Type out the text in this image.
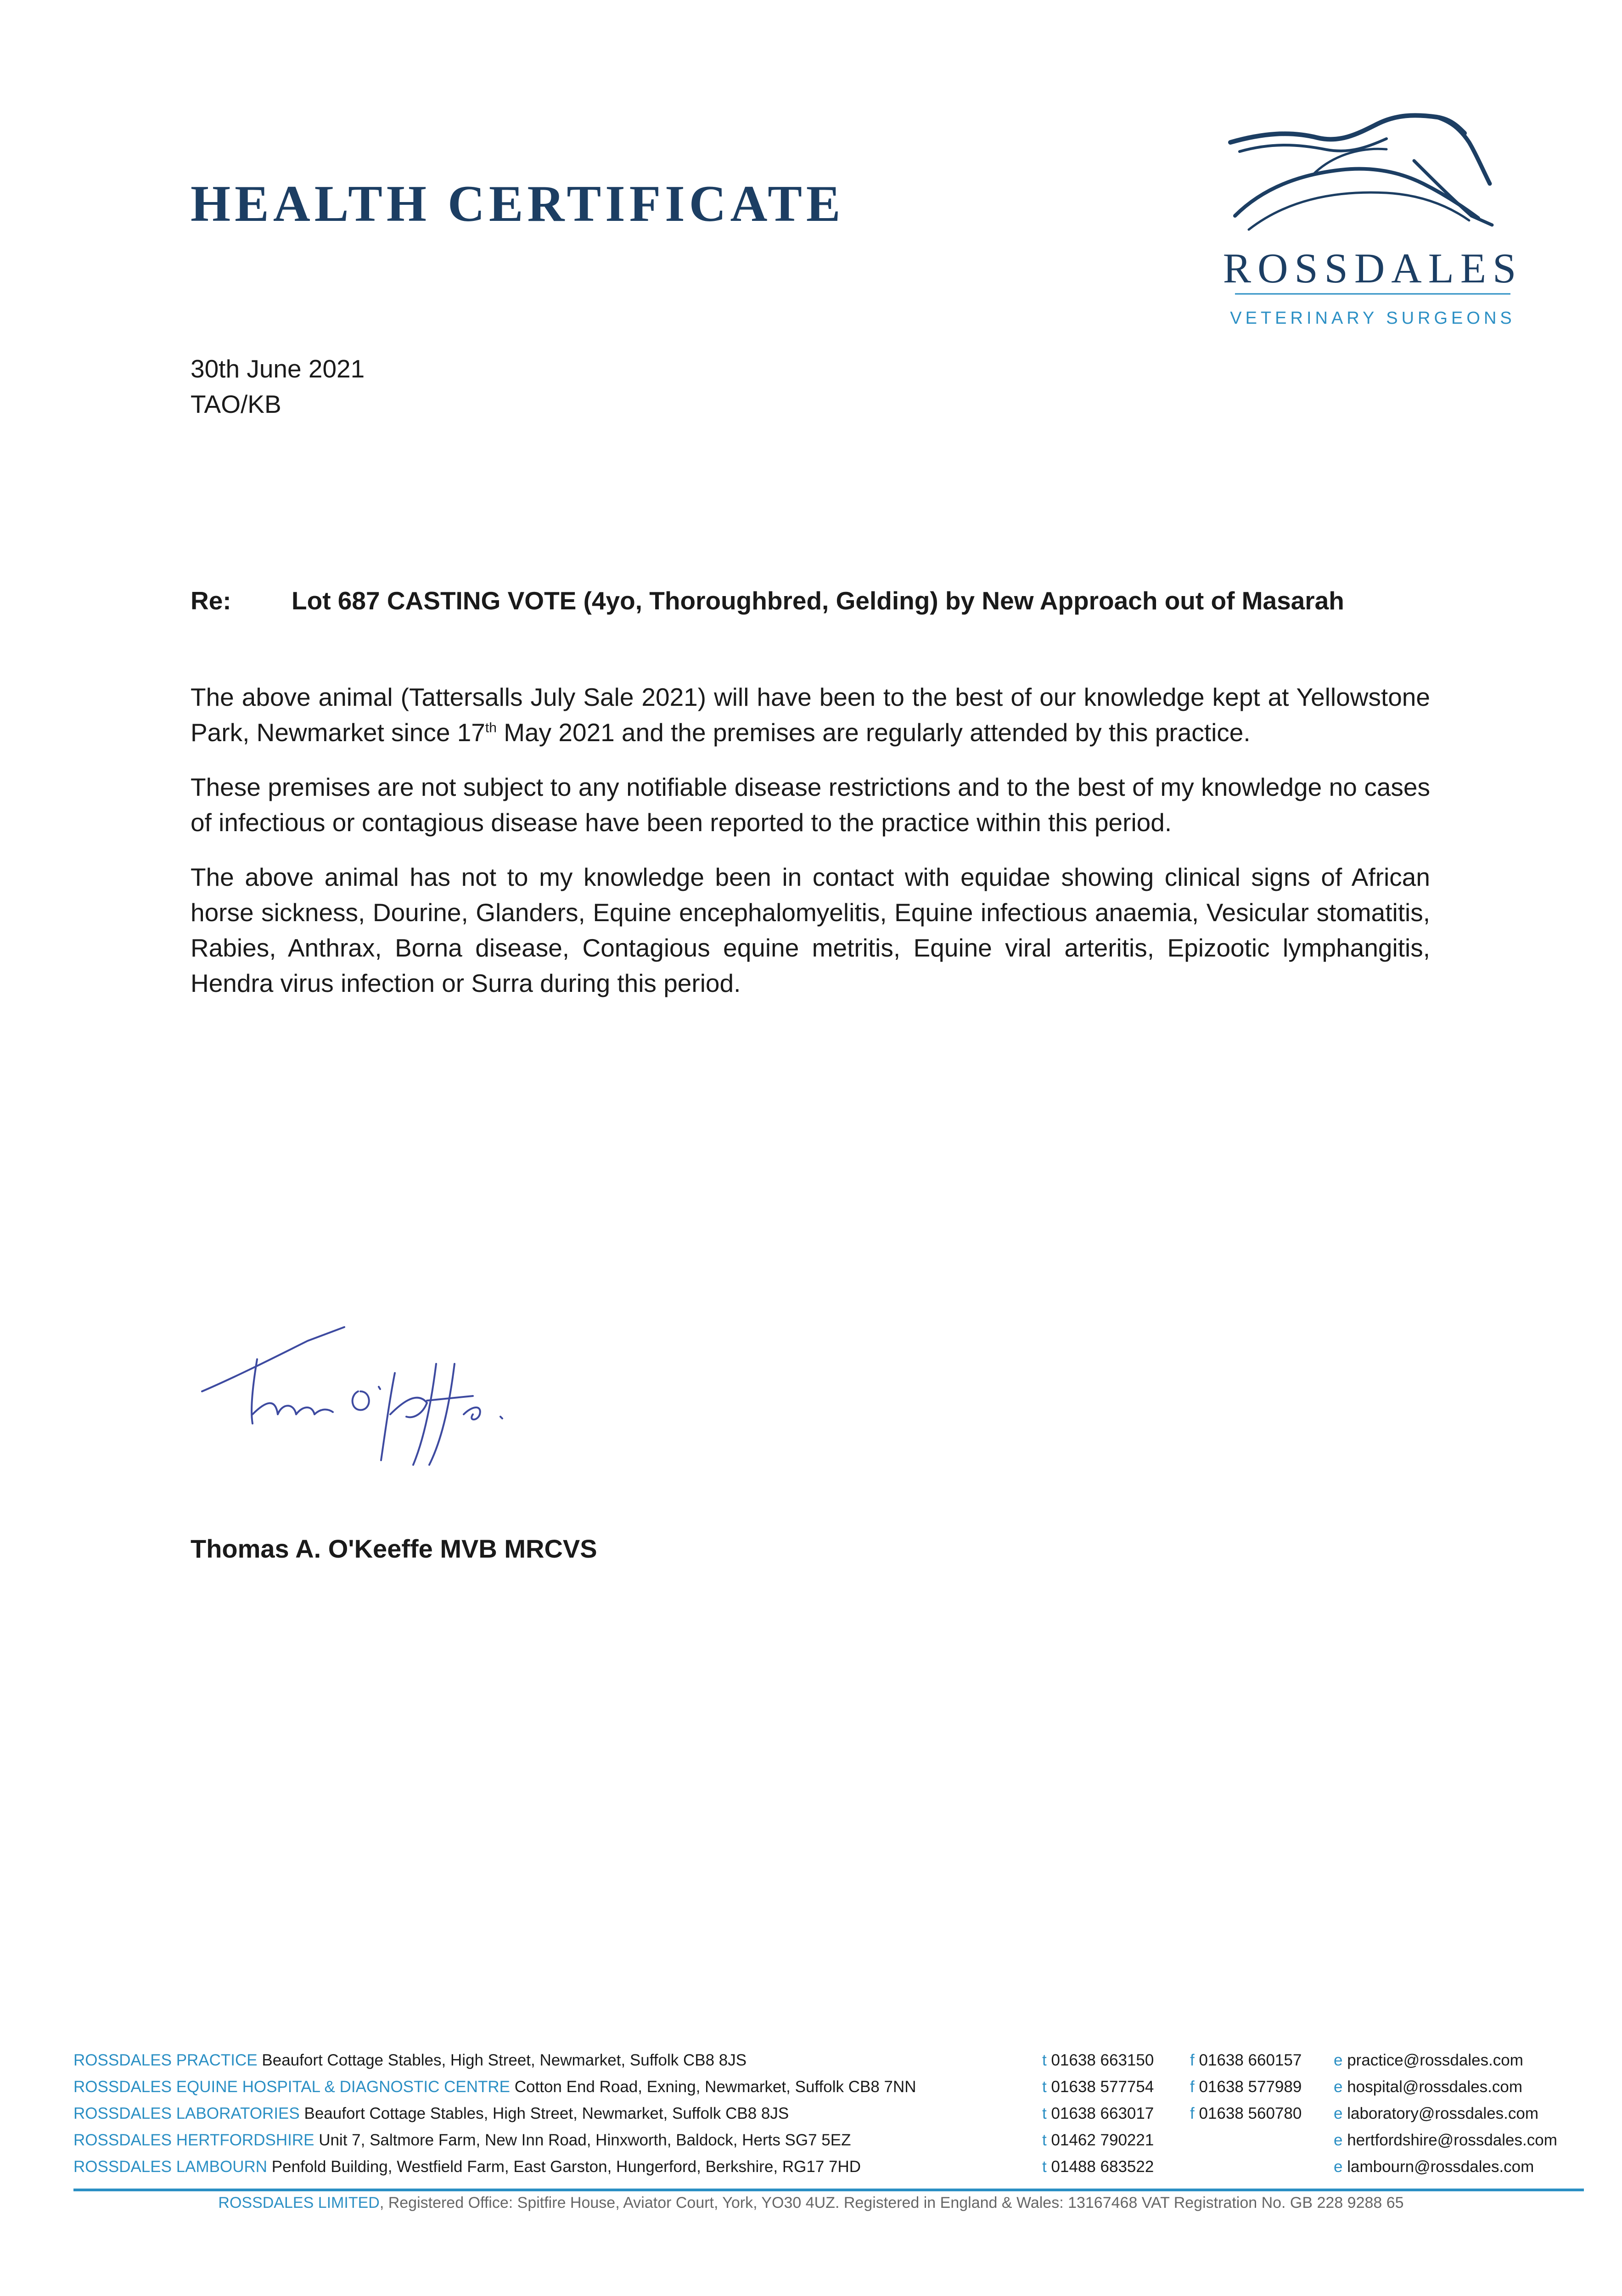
HEALTH CERTIFICATE
ROSSDALES
VETERINARY SURGEONS
30th June 2021
TAO/KB
Re: Lot 687 CASTING VOTE (4yo, Thoroughbred, Gelding) by New Approach out of Masarah

The above animal (Tattersalls July Sale 2021) will have been to the best of our knowledge kept at Yellowstone Park, Newmarket since 17th May 2021 and the premises are regularly attended by this practice.

These premises are not subject to any notifiable disease restrictions and to the best of my knowledge no cases of infectious or contagious disease have been reported to the practice within this period.

The above animal has not to my knowledge been in contact with equidae showing clinical signs of African horse sickness, Dourine, Glanders, Equine encephalomyelitis, Equine infectious anaemia, Vesicular stomatitis, Rabies, Anthrax, Borna disease, Contagious equine metritis, Equine viral arteritis, Epizootic lymphangitis, Hendra virus infection or Surra during this period.

Thomas A. O'Keeffe MVB MRCVS
ROSSDALES PRACTICE Beaufort Cottage Stables, High Street, Newmarket, Suffolk CB8 8JS	t 01638 663150 f 01638 660157 e practice@rossdales.com
ROSSDALES EQUINE HOSPITAL & DIAGNOSTIC CENTRE Cotton End Road, Exning, Newmarket, Suffolk CB8 7NN	t 01638 577754 f 01638 577989 e hospital@rossdales.com
ROSSDALES LABORATORIES Beaufort Cottage Stables, High Street, Newmarket, Suffolk CB8 8JS	t 01638 663017 f 01638 560780 e laboratory@rossdales.com
ROSSDALES HERTFORDSHIRE Unit 7, Saltmore Farm, New Inn Road, Hinxworth, Baldock, Herts SG7 5EZ	t 01462 790221	e hertfordshire@rossdales.com
ROSSDALES LAMBOURN Penfold Building, Westfield Farm, East Garston, Hungerford, Berkshire, RG17 7HD	t 01488 683522	e lambourn@rossdales.com
ROSSDALES LIMITED, Registered Office: Spitfire House, Aviator Court, York, YO30 4UZ. Registered in England & Wales: 13167468 VAT Registration No. GB 228 9288 65
